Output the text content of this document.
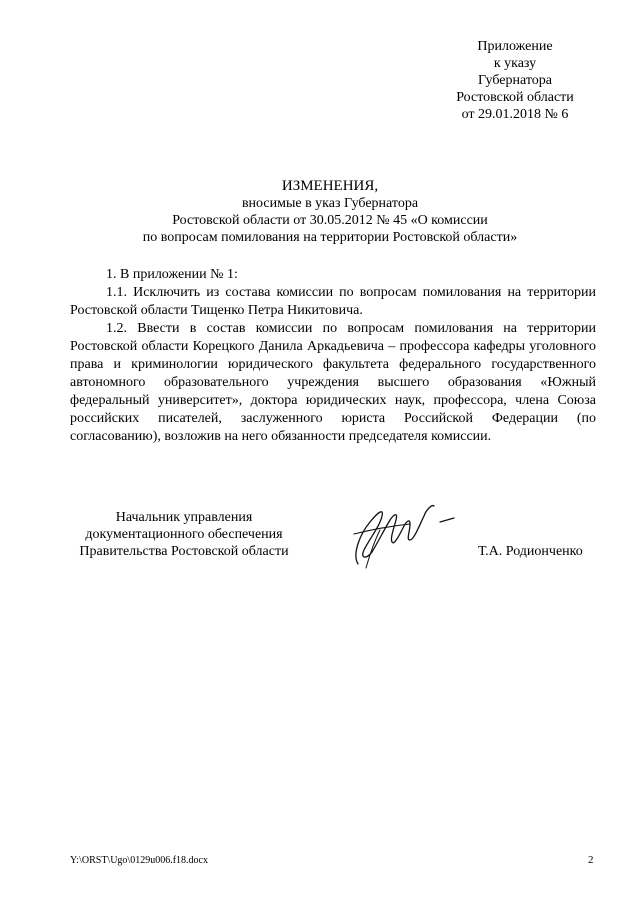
Приложение
к указу
Губернатора
Ростовской области
от 29.01.2018 № 6
ИЗМЕНЕНИЯ,
вносимые в указ Губернатора
Ростовской области от 30.05.2012 № 45 «О комиссии
по вопросам помилования на территории Ростовской области»

1. В приложении № 1:

1.1. Исключить из состава комиссии по вопросам помилования на территории Ростовской области Тищенко Петра Никитовича.

1.2. Ввести в состав комиссии по вопросам помилования на территории Ростовской области Корецкого Данила Аркадьевича – профессора кафедры уголовного права и криминологии юридического факультета федерального государственного автономного образовательного учреждения высшего образования «Южный федеральный университет», доктора юридических наук, профессора, члена Союза российских писателей, заслуженного юриста Российской Федерации (по согласованию), возложив на него обязанности председателя комиссии.

Начальник управления
документационного обеспечения
Правительства Ростовской области	Т.А. Родионченко
Y:\ORST\Ugo\0129u006.f18.docx	2
